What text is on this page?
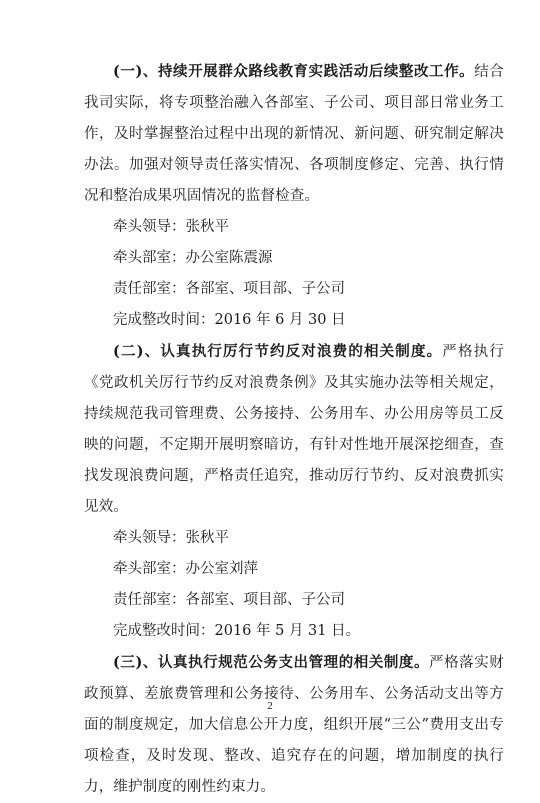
(一)、持续开展群众路线教育实践活动后续整改工作。结合我司实际，将专项整治融入各部室、子公司、项目部日常业务工作，及时掌握整治过程中出现的新情况、新问题、研究制定解决办法。加强对领导责任落实情况、各项制度修定、完善、执行情况和整治成果巩固情况的监督检查。

牵头领导：张秋平

牵头部室：办公室陈震源

责任部室：各部室、项目部、子公司

完成整改时间：2016 年 6 月 30 日

(二)、认真执行厉行节约反对浪费的相关制度。严格执行《党政机关厉行节约反对浪费条例》及其实施办法等相关规定，持续规范我司管理费、公务接持、公务用车、办公用房等员工反映的问题，不定期开展明察暗访，有针对性地开展深挖细查，查找发现浪费问题，严格责任追究，推动厉行节约、反对浪费抓实见效。

牵头领导：张秋平

牵头部室：办公室刘萍

责任部室：各部室、项目部、子公司

完成整改时间：2016 年 5 月 31 日。

(三)、认真执行规范公务支出管理的相关制度。严格落实财政预算、差旅费管理和公务接待、公务用车、公务活动支出等方面的制度规定，加大信息公开力度，组织开展“三公”费用支出专项检查，及时发现、整改、追究存在的问题，增加制度的执行力，维护制度的刚性约束力。

2
